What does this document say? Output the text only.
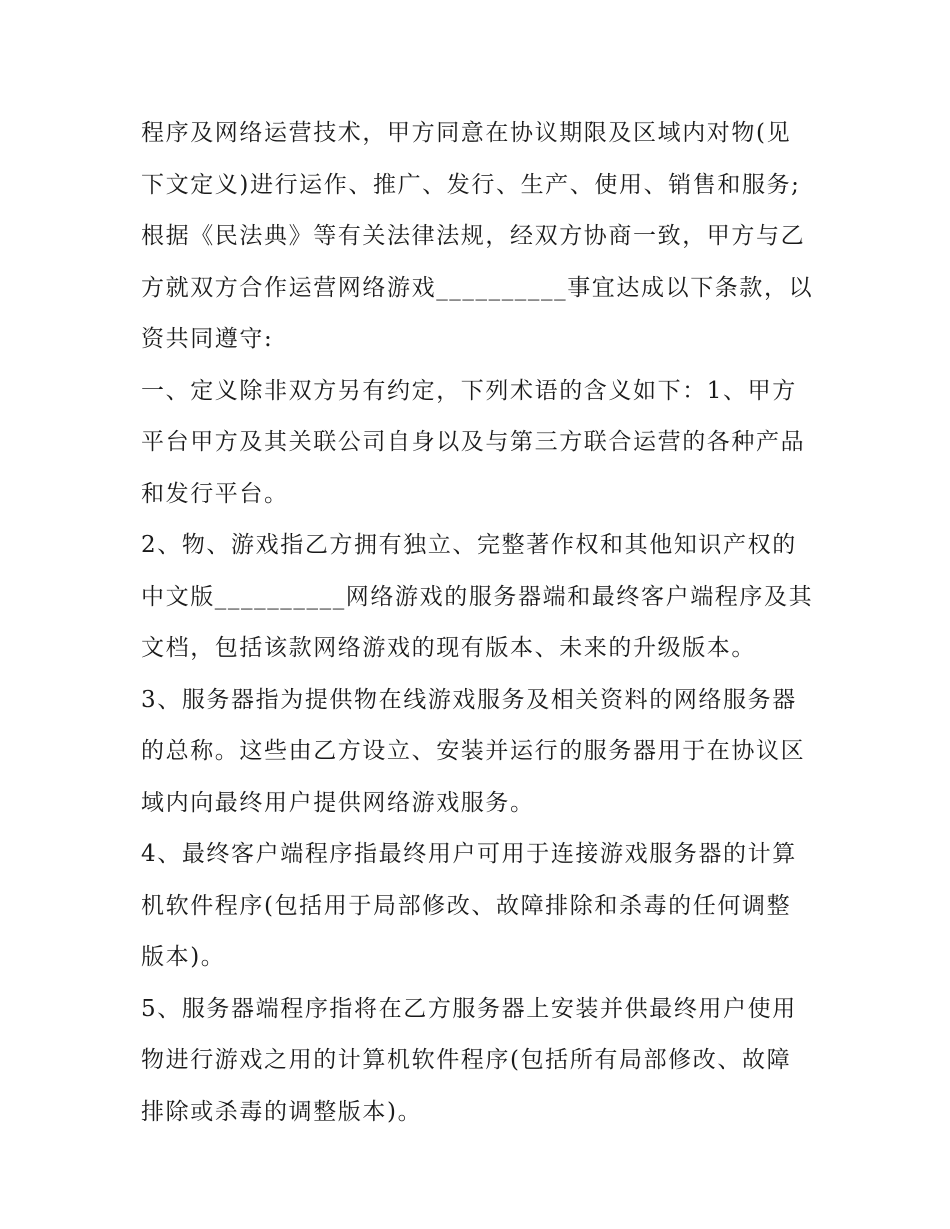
程序及网络运营技术，甲方同意在协议期限及区域内对物(见
下文定义)进行运作、推广、发行、生产、使用、销售和服务;
根据《民法典》等有关法律法规，经双方协商一致，甲方与乙
方就双方合作运营网络游戏__________事宜达成以下条款，以
资共同遵守:
一、定义除非双方另有约定，下列术语的含义如下：1、甲方
平台甲方及其关联公司自身以及与第三方联合运营的各种产品
和发行平台。
2、物、游戏指乙方拥有独立、完整著作权和其他知识产权的
中文版__________网络游戏的服务器端和最终客户端程序及其
文档，包括该款网络游戏的现有版本、未来的升级版本。
3、服务器指为提供物在线游戏服务及相关资料的网络服务器
的总称。这些由乙方设立、安装并运行的服务器用于在协议区
域内向最终用户提供网络游戏服务。
4、最终客户端程序指最终用户可用于连接游戏服务器的计算
机软件程序(包括用于局部修改、故障排除和杀毒的任何调整
版本)。
5、服务器端程序指将在乙方服务器上安装并供最终用户使用
物进行游戏之用的计算机软件程序(包括所有局部修改、故障
排除或杀毒的调整版本)。
